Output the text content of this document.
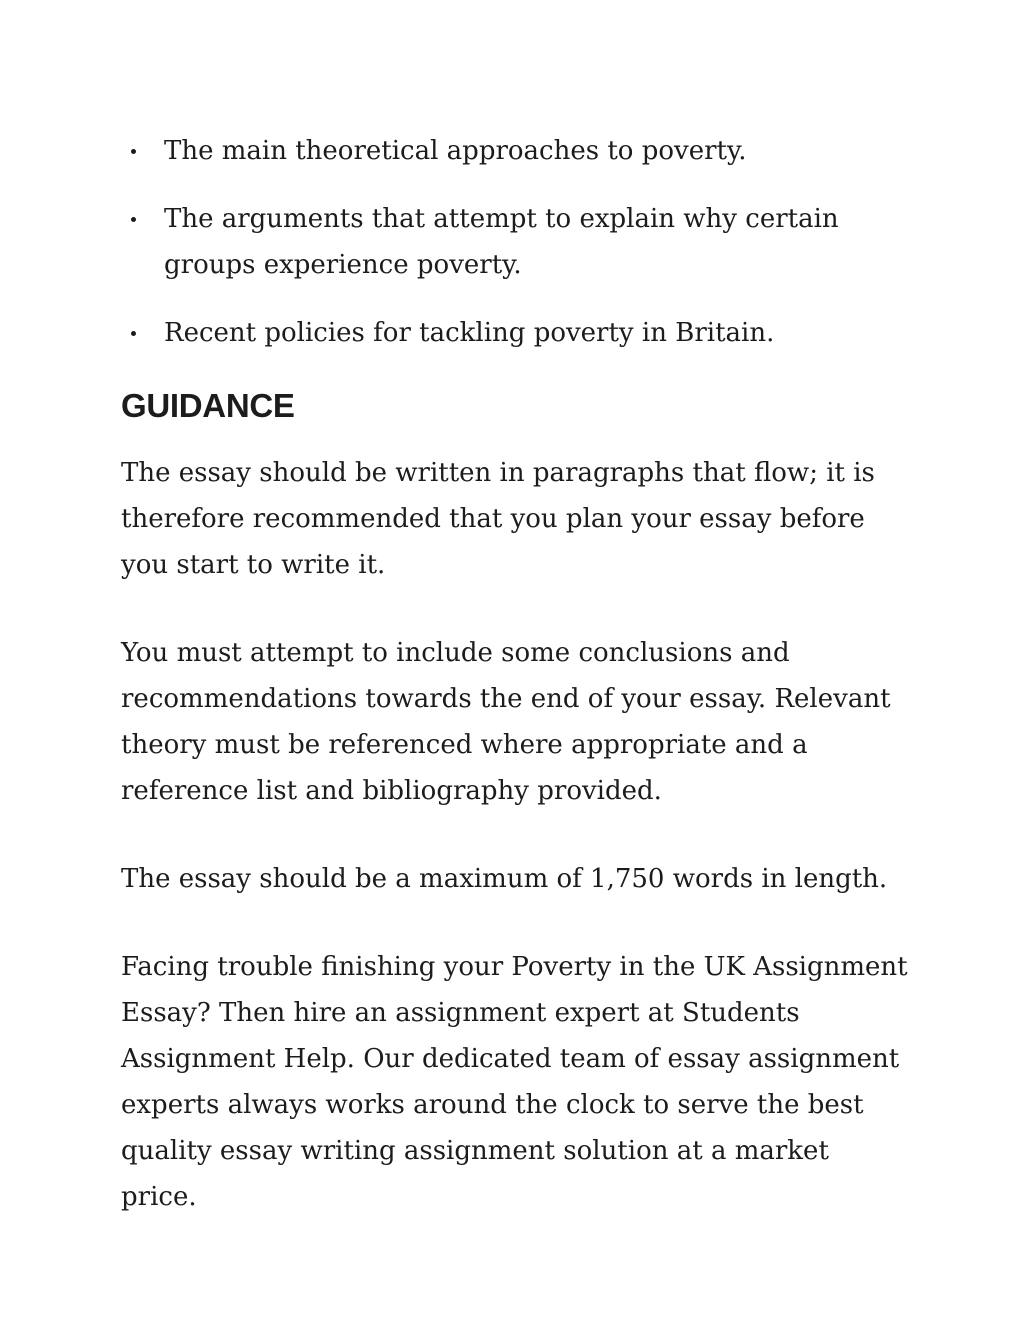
The main theoretical approaches to poverty.
The arguments that attempt to explain why certain groups experience poverty.
Recent policies for tackling poverty in Britain.
GUIDANCE

The essay should be written in paragraphs that flow; it is therefore recommended that you plan your essay before you start to write it.

You must attempt to include some conclusions and recommendations towards the end of your essay. Relevant theory must be referenced where appropriate and a reference list and bibliography provided.

The essay should be a maximum of 1,750 words in length.

Facing trouble finishing your Poverty in the UK Assignment Essay? Then hire an assignment expert at Students Assignment Help. Our dedicated team of essay assignment experts always works around the clock to serve the best quality essay writing assignment solution at a market price.
